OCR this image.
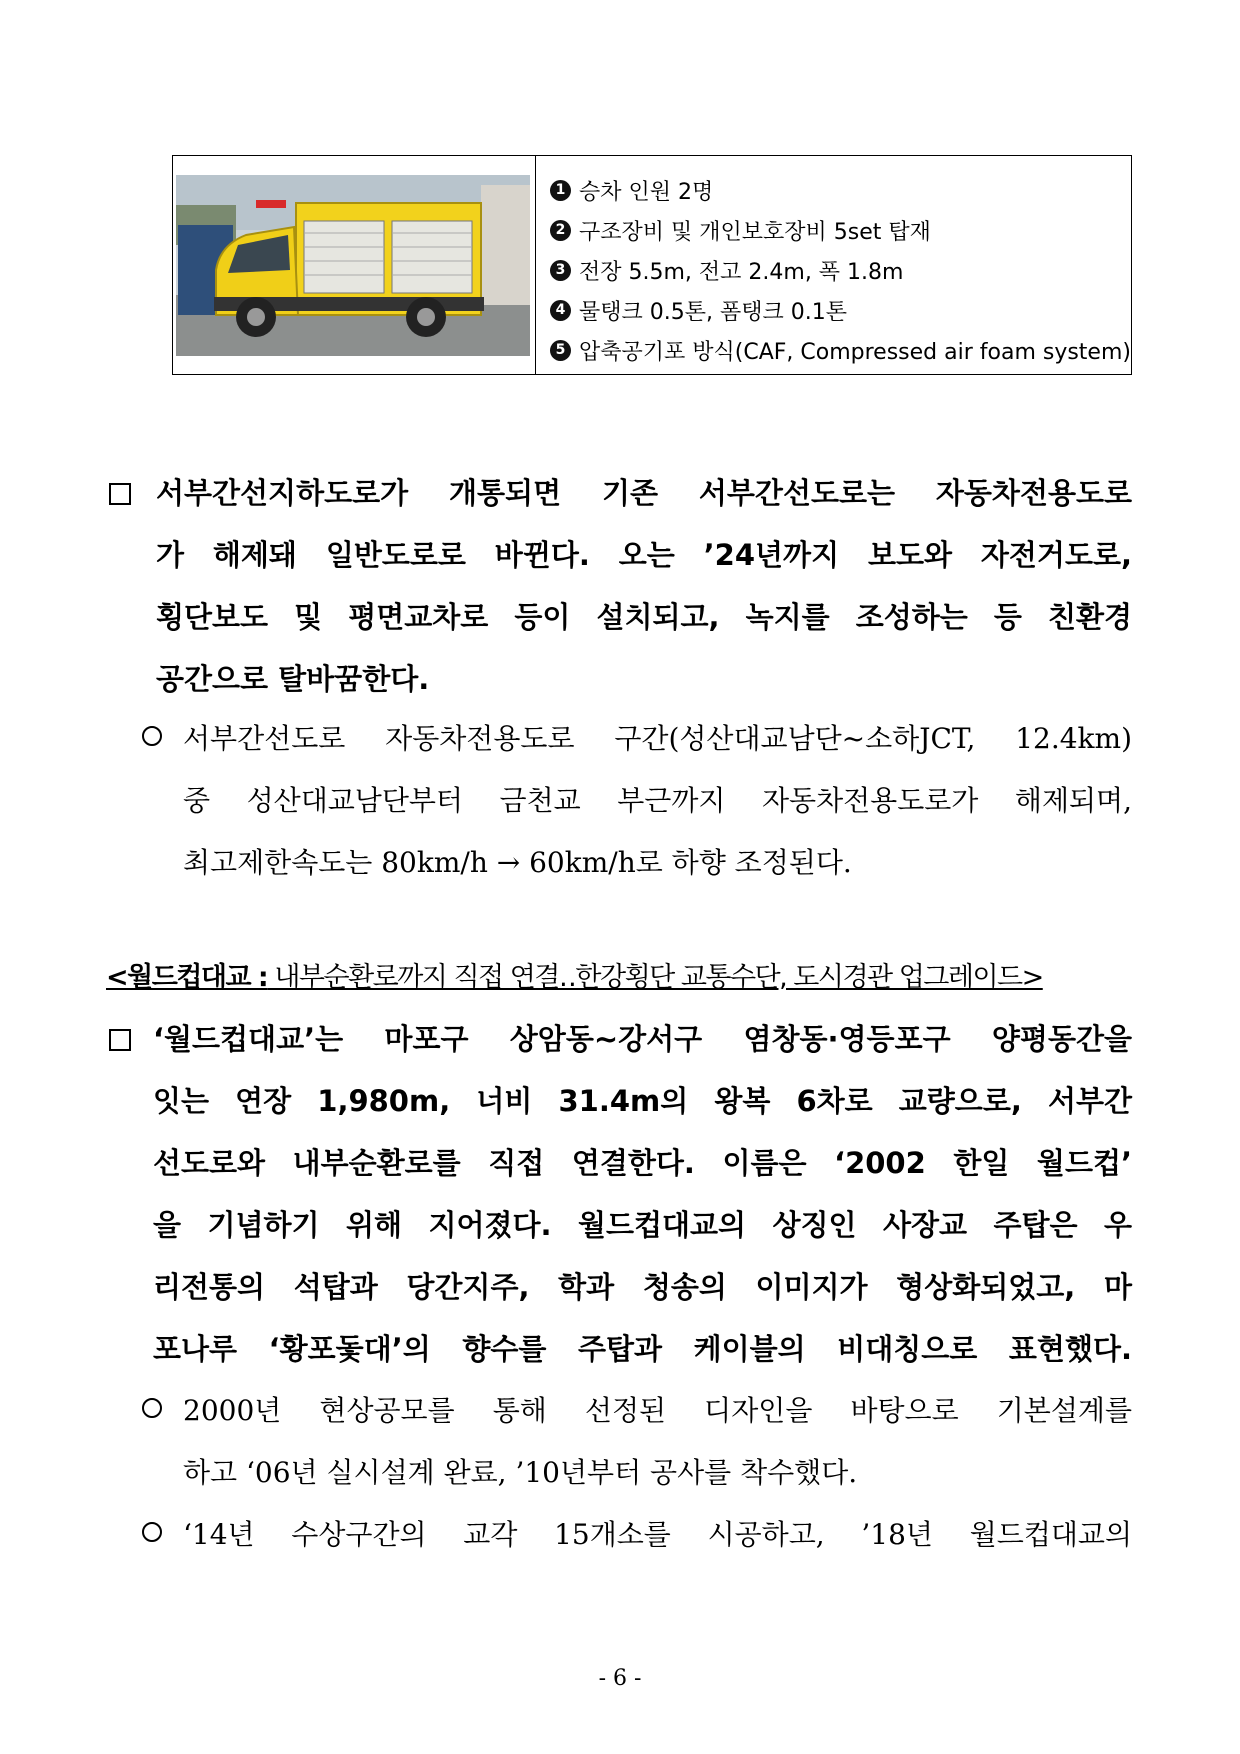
1 승차 인원 2명
2 구조장비 및 개인보호장비 5set 탑재
3 전장 5.5m, 전고 2.4m, 폭 1.8m
4 물탱크 0.5톤, 폼탱크 0.1톤
5 압축공기포 방식(CAF, Compressed air foam system)

서부간선지하도로가 개통되면 기존 서부간선도로는 자동차전용도로

가 해제돼 일반도로로 바뀐다. 오는 ’24년까지 보도와 자전거도로,

횡단보도 및 평면교차로 등이 설치되고, 녹지를 조성하는 등 친환경

공간으로 탈바꿈한다.

서부간선도로 자동차전용도로 구간(성산대교남단~소하JCT, 12.4km)

중 성산대교남단부터 금천교 부근까지 자동차전용도로가 해제되며,

최고제한속도는 80km/h → 60km/h로 하향 조정된다.

<월드컵대교 : 내부순환로까지 직접 연결‥한강횡단 교통수단, 도시경관 업그레이드>

‘월드컵대교’는 마포구 상암동~강서구 염창동·영등포구 양평동간을

잇는 연장 1,980m, 너비 31.4m의 왕복 6차로 교량으로, 서부간

선도로와 내부순환로를 직접 연결한다. 이름은 ‘2002 한일 월드컵’

을 기념하기 위해 지어졌다. 월드컵대교의 상징인 사장교 주탑은 우

리전통의 석탑과 당간지주, 학과 청송의 이미지가 형상화되었고, 마

포나루 ‘황포돛대’의 향수를 주탑과 케이블의 비대칭으로 표현했다.

2000년 현상공모를 통해 선정된 디자인을 바탕으로 기본설계를

하고 ‘06년 실시설계 완료, ’10년부터 공사를 착수했다.

‘14년 수상구간의 교각 15개소를 시공하고, ’18년 월드컵대교의

- 6 -
